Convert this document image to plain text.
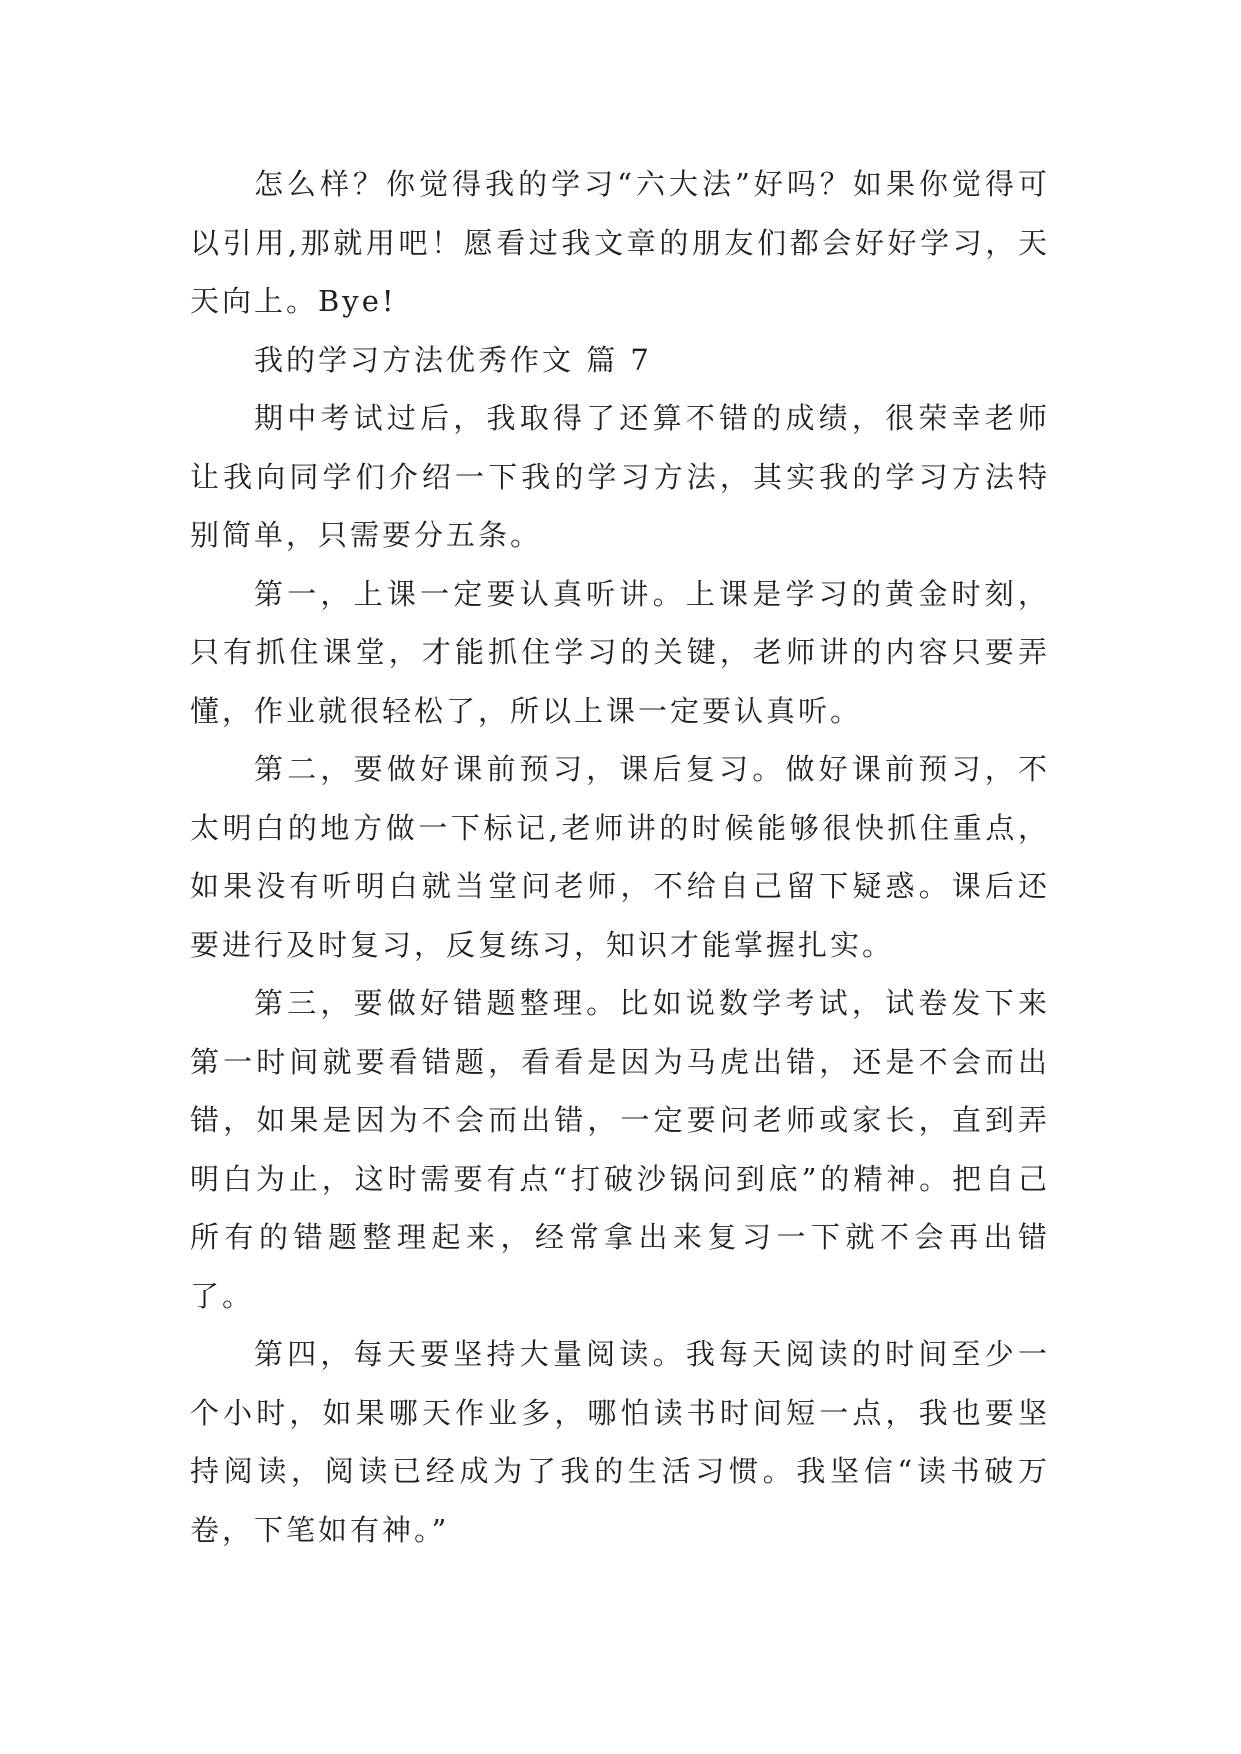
怎么样？你觉得我的学习“六大法”好吗？如果你觉得可以引用,那就用吧！愿看过我文章的朋友们都会好好学习，天天向上。Bye!

我的学习方法优秀作文 篇 7

期中考试过后，我取得了还算不错的成绩，很荣幸老师让我向同学们介绍一下我的学习方法，其实我的学习方法特别简单，只需要分五条。

第一，上课一定要认真听讲。上课是学习的黄金时刻，只有抓住课堂，才能抓住学习的关键，老师讲的内容只要弄懂，作业就很轻松了，所以上课一定要认真听。

第二，要做好课前预习，课后复习。做好课前预习，不太明白的地方做一下标记,老师讲的时候能够很快抓住重点，如果没有听明白就当堂问老师，不给自己留下疑惑。课后还要进行及时复习，反复练习，知识才能掌握扎实。

第三，要做好错题整理。比如说数学考试，试卷发下来第一时间就要看错题，看看是因为马虎出错，还是不会而出错，如果是因为不会而出错，一定要问老师或家长，直到弄明白为止，这时需要有点“打破沙锅问到底”的精神。把自己所有的错题整理起来，经常拿出来复习一下就不会再出错了。

第四，每天要坚持大量阅读。我每天阅读的时间至少一个小时，如果哪天作业多，哪怕读书时间短一点，我也要坚持阅读，阅读已经成为了我的生活习惯。我坚信“读书破万卷，下笔如有神。”
